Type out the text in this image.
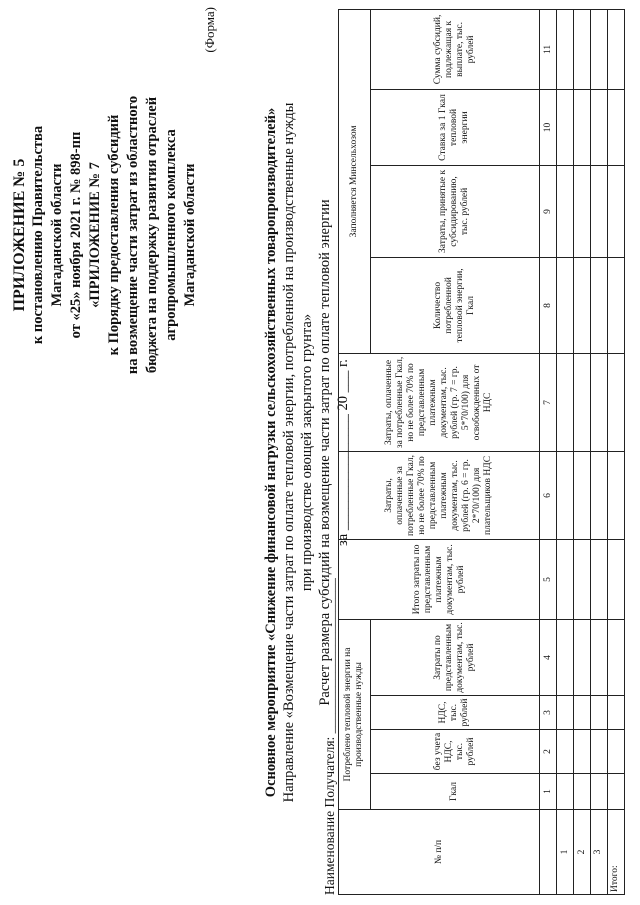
ПРИЛОЖЕНИЕ № 5 к постановлению Правительства Магаданской области от «25» ноября 2021 г. № 898-пп «ПРИЛОЖЕНИЕ № 7 к Порядку предоставления субсидий на возмещение части затрат из областного бюджета на поддержку развития отраслей агропромышленного комплекса Магаданской области
(Форма)
Основное мероприятие «Снижение финансовой нагрузки сельскохозяйственных товаропроизводителей» Направление «Возмещение части затрат по оплате тепловой энергии, потребленной на производственные нужды при производстве овощей закрытого грунта» Расчет размера субсидий на возмещение части затрат по оплате тепловой энергии за ________________ 20 ___ г.
Наименование Получателя: _______________________	№ п/п	Потреблено тепловой энергии на производственные нужды				Итого затраты по представленным платежным документам, тыс. рублей	Затраты, оплаченные за потребленные Гкал, но не более 70% по представленным платежным документам, тыс. рублей (гр. 6 = гр. 2*70/100) для плательщиков НДС	Затраты, оплаченные за потребленные Гкал, но не более 70% по представленным платежным документам, тыс. рублей (гр. 7 = гр. 5*70/100) для освобожденных от НДС	Заполняется Минсельхозом			
	Гкал	без учета НДС, тыс. рублей	НДС, тыс. рублей	Затраты по представленным документам, тыс. рублей				Количество потребленной тепловой энергии, Гкал	Затраты, принятые к субсидированию, тыс. рублей	Ставка за 1 Гкал тепловой энергии	Сумма субсидий, подлежащая к выплате, тыс. рублей
	1	2	3	4	5	6	7	8	9	10	11
1											
2											
3											
Итого:											
